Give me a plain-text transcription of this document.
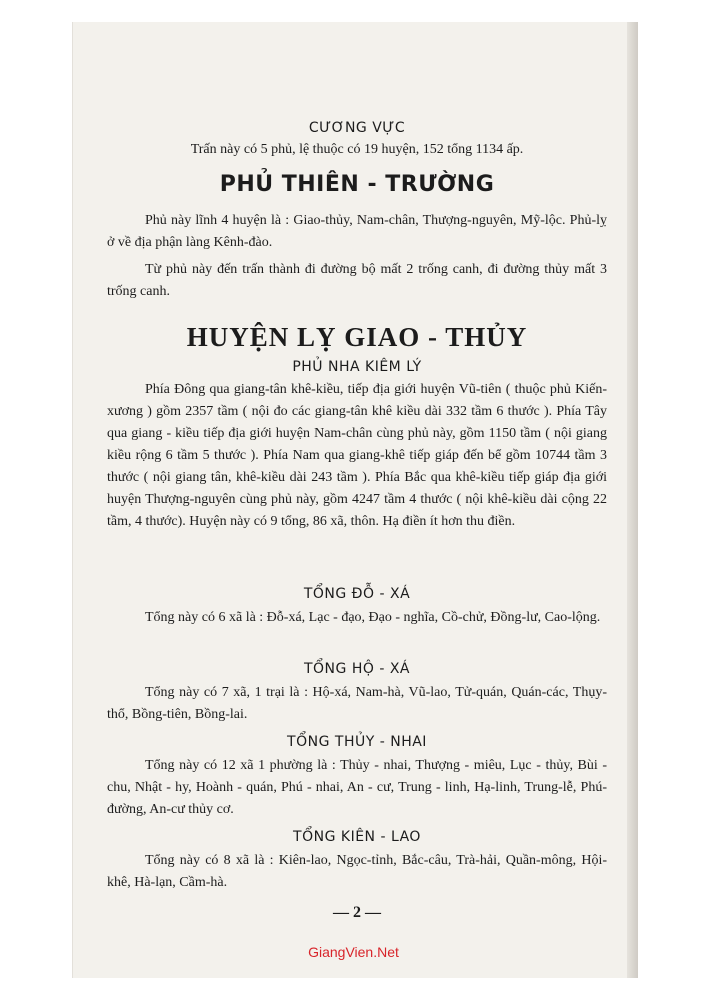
CƯƠNG VỰC
Trấn này có 5 phủ, lệ thuộc có 19 huyện, 152 tổng 1134 ấp.
PHỦ THIÊN - TRƯỜNG

Phủ này lĩnh 4 huyện là : Giao-thủy, Nam-chân, Thượng-nguyên, Mỹ-lộc. Phủ-lỵ ở về địa phận làng Kênh-đào.

Từ phủ này đến trấn thành đi đường bộ mất 2 trống canh, đi đường thủy mất 3 trống canh.

HUYỆN LỴ GIAO - THỦY
PHỦ NHA KIÊM LÝ

Phía Đông qua giang-tân khê-kiều, tiếp địa giới huyện Vũ-tiên ( thuộc phủ Kiến-xương ) gồm 2357 tầm ( nội đo các giang-tân khê kiều dài 332 tầm 6 thước ). Phía Tây qua giang - kiều tiếp địa giới huyện Nam-chân cùng phủ này, gồm 1150 tầm ( nội giang kiều rộng 6 tầm 5 thước ). Phía Nam qua giang-khê tiếp giáp đến bể gồm 10744 tầm 3 thước ( nội giang tân, khê-kiều dài 243 tầm ). Phía Bắc qua khê-kiều tiếp giáp địa giới huyện Thượng-nguyên cùng phủ này, gồm 4247 tầm 4 thước ( nội khê-kiều dài cộng 22 tầm, 4 thước). Huyện này có 9 tổng, 86 xã, thôn. Hạ điền ít hơn thu điền.

TỔNG ĐỖ - XÁ

Tổng này có 6 xã là : Đỗ-xá, Lạc - đạo, Đạo - nghĩa, Cồ-chử, Đồng-lư, Cao-lộng.

TỔNG HỘ - XÁ

Tổng này có 7 xã, 1 trại là : Hộ-xá, Nam-hà, Vũ-lao, Tử-quán, Quán-các, Thụy-thổ, Bồng-tiên, Bồng-lai.

TỔNG THỦY - NHAI

Tổng này có 12 xã 1 phường là : Thủy - nhai, Thượng - miêu, Lục - thủy, Bùi - chu, Nhật - hy, Hoành - quán, Phú - nhai, An - cư, Trung - linh, Hạ-linh, Trung-lễ, Phú-đường, An-cư thủy cơ.

TỔNG KIÊN - LAO

Tổng này có 8 xã là : Kiên-lao, Ngọc-tỉnh, Bắc-câu, Trà-hải, Quần-mông, Hội-khê, Hà-lạn, Cầm-hà.

— 2 —
GiangVien.Net
